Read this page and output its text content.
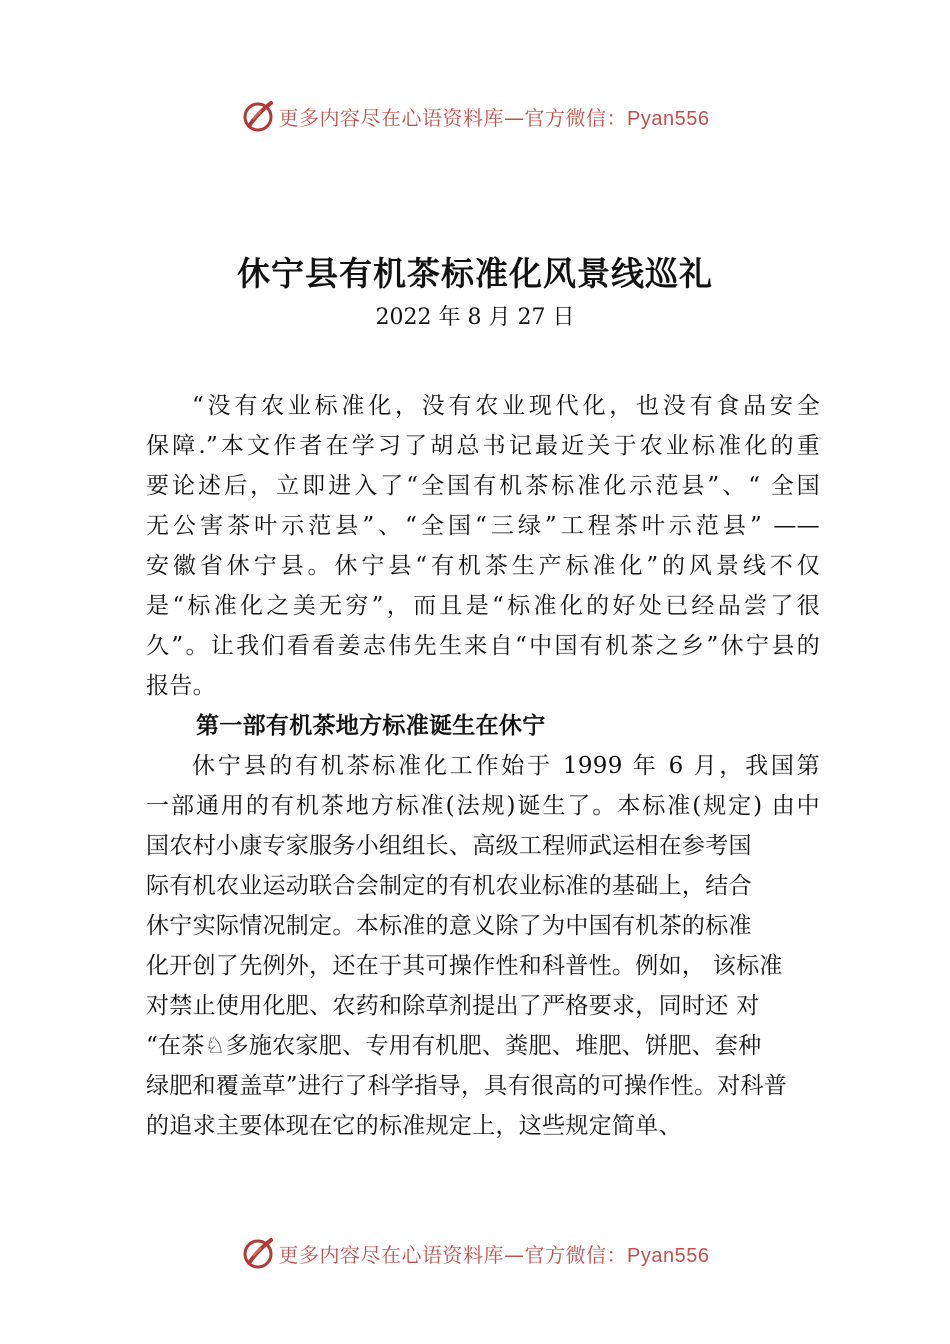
更多内容尽在心语资料库—官方微信：Pyan556
休宁县有机茶标准化风景线巡礼
2022 年 8 月 27 日
“没有农业标准化，没有农业现代化，也没有食品安全
保障.”本文作者在学习了胡总书记最近关于农业标准化的重
要论述后，立即进入了“全国有机茶标准化示范县”、“ 全国
无公害茶叶示范县”、“全国“三绿”工程茶叶示范县” ——
安徽省休宁县。休宁县“有机茶生产标准化”的风景线不仅
是“标准化之美无穷”，而且是“标准化的好处已经品尝了很
久”。让我们看看姜志伟先生来自“中国有机茶之乡”休宁县的
报告。
第一部有机茶地方标准诞生在休宁
休宁县的有机茶标准化工作始于 1999 年 6 月，我国第
一部通用的有机茶地方标准(法规)诞生了。本标准(规定) 由中
国农村小康专家服务小组组长、高级工程师武运相在参考国
际有机农业运动联合会制定的有机农业标准的基础上，结合
休宁实际情况制定。本标准的意义除了为中国有机茶的标准
化开创了先例外，还在于其可操作性和科普性。例如， 该标准
对禁止使用化肥、农药和除草剂提出了严格要求，同时还 对
“在茶♘多施农家肥、专用有机肥、粪肥、堆肥、饼肥、套种
绿肥和覆盖草”进行了科学指导，具有很高的可操作性。对科普
的追求主要体现在它的标准规定上，这些规定简单、
更多内容尽在心语资料库—官方微信：Pyan556
